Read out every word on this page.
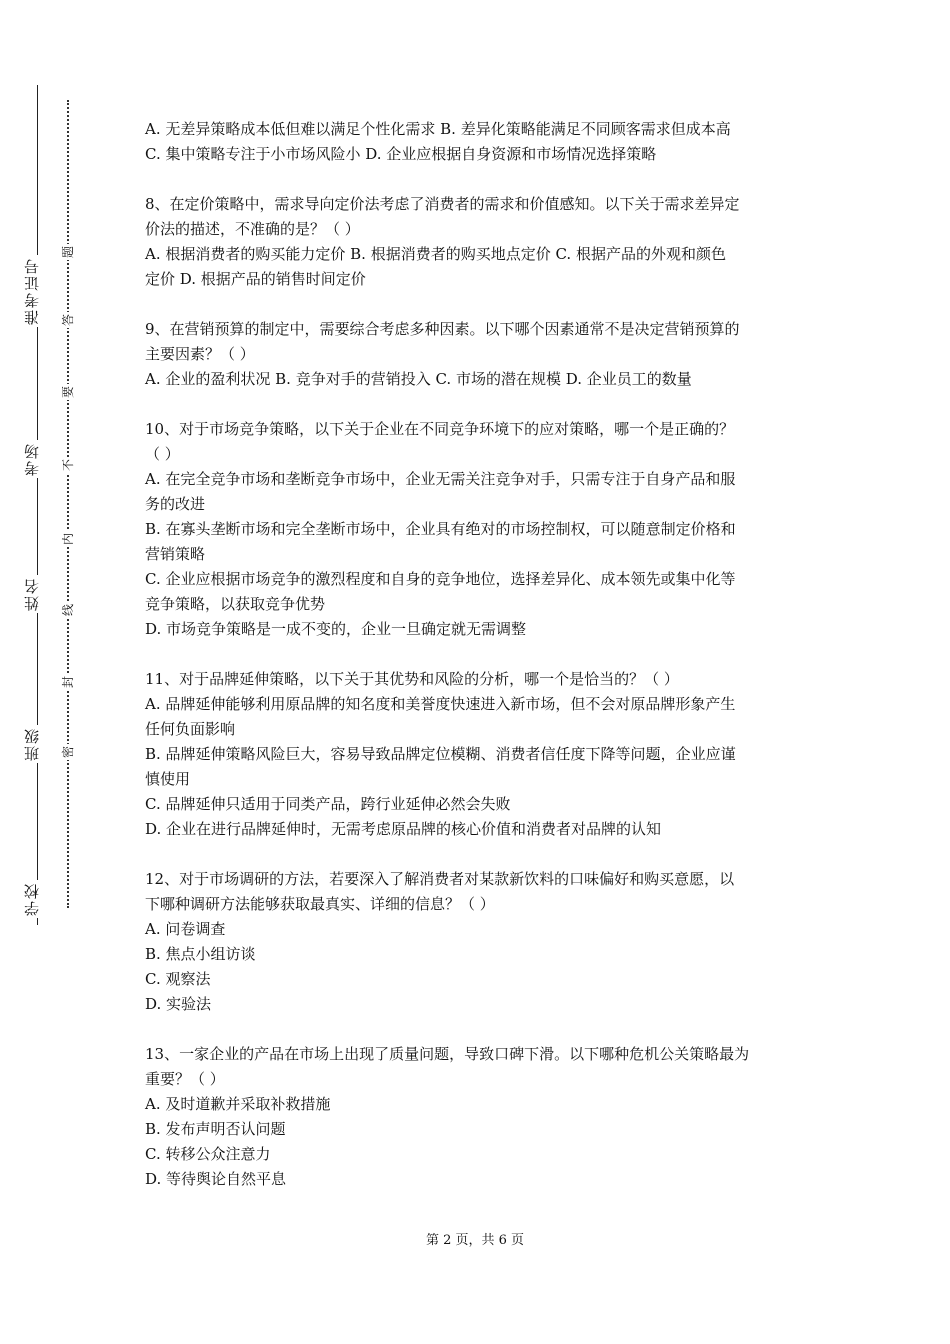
准考证号
考场
姓名
班级
学校
题
答
要
不
内
线
封
密
A. 无差异策略成本低但难以满足个性化需求 B. 差异化策略能满足不同顾客需求但成本高
C. 集中策略专注于小市场风险小 D. 企业应根据自身资源和市场情况选择策略
8、在定价策略中，需求导向定价法考虑了消费者的需求和价值感知。以下关于需求差异定
价法的描述，不准确的是？（ ）
A. 根据消费者的购买能力定价 B. 根据消费者的购买地点定价 C. 根据产品的外观和颜色
定价 D. 根据产品的销售时间定价
9、在营销预算的制定中，需要综合考虑多种因素。以下哪个因素通常不是决定营销预算的
主要因素？（ ）
A. 企业的盈利状况 B. 竞争对手的营销投入 C. 市场的潜在规模 D. 企业员工的数量
10、对于市场竞争策略，以下关于企业在不同竞争环境下的应对策略，哪一个是正确的？
（ ）
A. 在完全竞争市场和垄断竞争市场中，企业无需关注竞争对手，只需专注于自身产品和服
务的改进
B. 在寡头垄断市场和完全垄断市场中，企业具有绝对的市场控制权，可以随意制定价格和
营销策略
C. 企业应根据市场竞争的激烈程度和自身的竞争地位，选择差异化、成本领先或集中化等
竞争策略，以获取竞争优势
D. 市场竞争策略是一成不变的，企业一旦确定就无需调整
11、对于品牌延伸策略，以下关于其优势和风险的分析，哪一个是恰当的？（ ）
A. 品牌延伸能够利用原品牌的知名度和美誉度快速进入新市场，但不会对原品牌形象产生
任何负面影响
B. 品牌延伸策略风险巨大，容易导致品牌定位模糊、消费者信任度下降等问题，企业应谨
慎使用
C. 品牌延伸只适用于同类产品，跨行业延伸必然会失败
D. 企业在进行品牌延伸时，无需考虑原品牌的核心价值和消费者对品牌的认知
12、对于市场调研的方法，若要深入了解消费者对某款新饮料的口味偏好和购买意愿，以
下哪种调研方法能够获取最真实、详细的信息？（ ）
A. 问卷调查
B. 焦点小组访谈
C. 观察法
D. 实验法
13、一家企业的产品在市场上出现了质量问题，导致口碑下滑。以下哪种危机公关策略最为
重要？（ ）
A. 及时道歉并采取补救措施
B. 发布声明否认问题
C. 转移公众注意力
D. 等待舆论自然平息
第 2 页，共 6 页
